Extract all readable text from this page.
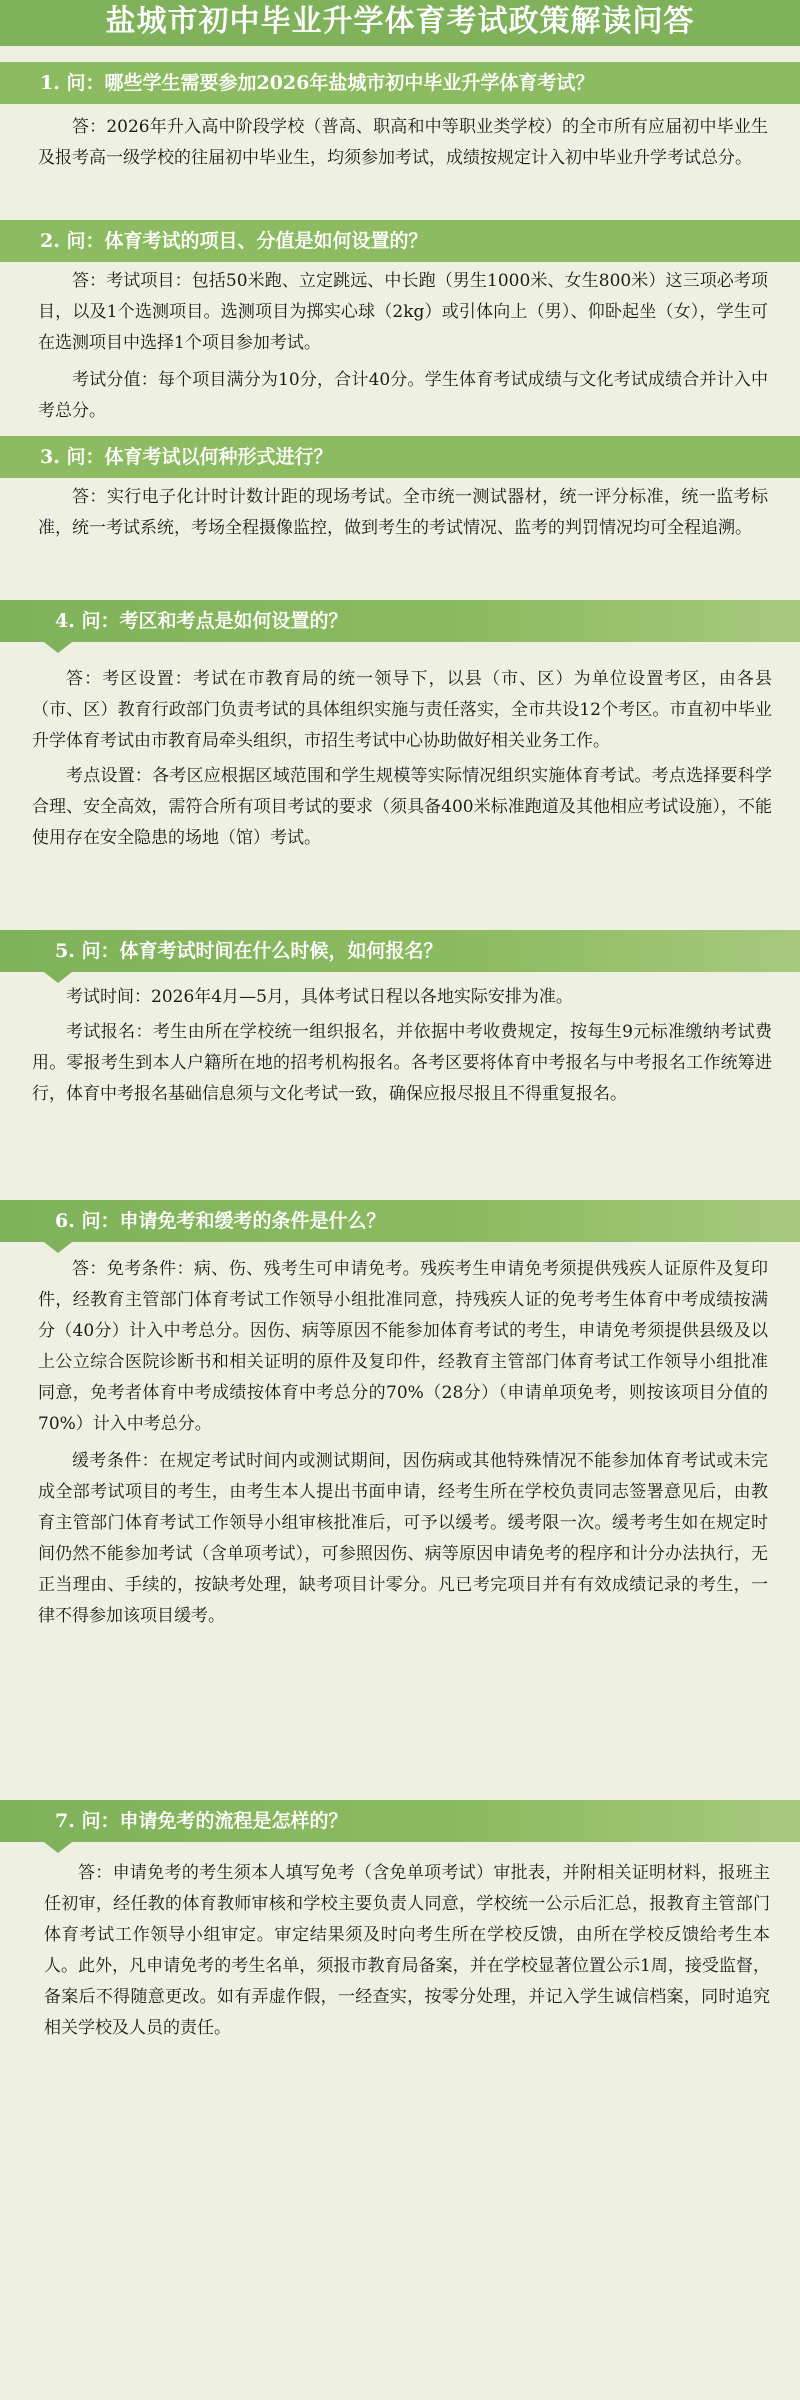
盐城市初中毕业升学体育考试政策解读问答
1. 问：哪些学生需要参加2026年盐城市初中毕业升学体育考试？

答：2026年升入高中阶段学校（普高、职高和中等职业类学校）的全市所有应届初中毕业生及报考高一级学校的往届初中毕业生，均须参加考试，成绩按规定计入初中毕业升学考试总分。

2. 问：体育考试的项目、分值是如何设置的？

答：考试项目：包括50米跑、立定跳远、中长跑（男生1000米、女生800米）这三项必考项目，以及1个选测项目。选测项目为掷实心球（2kg）或引体向上（男）、仰卧起坐（女），学生可在选测项目中选择1个项目参加考试。

考试分值：每个项目满分为10分，合计40分。学生体育考试成绩与文化考试成绩合并计入中考总分。

3. 问：体育考试以何种形式进行？

答：实行电子化计时计数计距的现场考试。全市统一测试器材，统一评分标准，统一监考标准，统一考试系统，考场全程摄像监控，做到考生的考试情况、监考的判罚情况均可全程追溯。

4. 问：考区和考点是如何设置的？

答：考区设置：考试在市教育局的统一领导下，以县（市、区）为单位设置考区，由各县（市、区）教育行政部门负责考试的具体组织实施与责任落实，全市共设12个考区。市直初中毕业升学体育考试由市教育局牵头组织，市招生考试中心协助做好相关业务工作。

考点设置：各考区应根据区域范围和学生规模等实际情况组织实施体育考试。考点选择要科学合理、安全高效，需符合所有项目考试的要求（须具备400米标准跑道及其他相应考试设施），不能使用存在安全隐患的场地（馆）考试。

5. 问：体育考试时间在什么时候，如何报名？

考试时间：2026年4月—5月，具体考试日程以各地实际安排为准。

考试报名：考生由所在学校统一组织报名，并依据中考收费规定，按每生9元标准缴纳考试费用。零报考生到本人户籍所在地的招考机构报名。各考区要将体育中考报名与中考报名工作统筹进行，体育中考报名基础信息须与文化考试一致，确保应报尽报且不得重复报名。

6. 问：申请免考和缓考的条件是什么？

答：免考条件：病、伤、残考生可申请免考。残疾考生申请免考须提供残疾人证原件及复印件，经教育主管部门体育考试工作领导小组批准同意，持残疾人证的免考考生体育中考成绩按满分（40分）计入中考总分。因伤、病等原因不能参加体育考试的考生，申请免考须提供县级及以上公立综合医院诊断书和相关证明的原件及复印件，经教育主管部门体育考试工作领导小组批准同意，免考者体育中考成绩按体育中考总分的70%（28分）（申请单项免考，则按该项目分值的70%）计入中考总分。

缓考条件：在规定考试时间内或测试期间，因伤病或其他特殊情况不能参加体育考试或未完成全部考试项目的考生，由考生本人提出书面申请，经考生所在学校负责同志签署意见后，由教育主管部门体育考试工作领导小组审核批准后，可予以缓考。缓考限一次。缓考考生如在规定时间仍然不能参加考试（含单项考试），可参照因伤、病等原因申请免考的程序和计分办法执行，无正当理由、手续的，按缺考处理，缺考项目计零分。凡已考完项目并有有效成绩记录的考生，一律不得参加该项目缓考。

7. 问：申请免考的流程是怎样的？

答：申请免考的考生须本人填写免考（含免单项考试）审批表，并附相关证明材料，报班主任初审，经任教的体育教师审核和学校主要负责人同意，学校统一公示后汇总，报教育主管部门体育考试工作领导小组审定。审定结果须及时向考生所在学校反馈，由所在学校反馈给考生本人。此外，凡申请免考的考生名单，须报市教育局备案，并在学校显著位置公示1周，接受监督，备案后不得随意更改。如有弄虚作假，一经查实，按零分处理，并记入学生诚信档案，同时追究相关学校及人员的责任。
